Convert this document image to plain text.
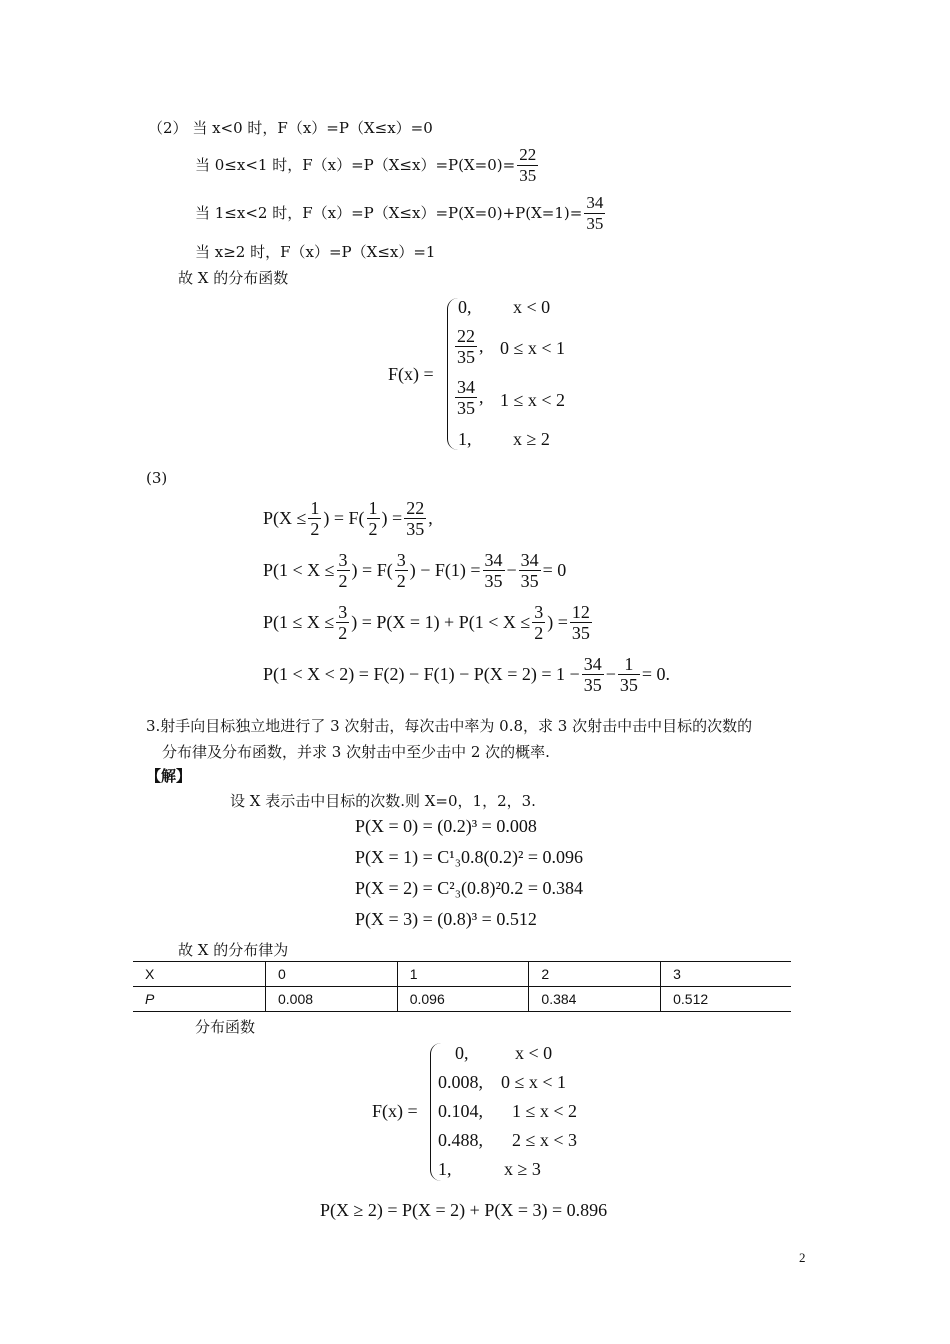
（2） 当 x<0 时，F（x）=P（X≤x）=0
当 0≤x<1 时，$F(x)=P(X\le x)=P(X=0)= \frac{22}{35}$
当 1≤x<2 时，$F(x)=P(X\le x)=P(X=0)+P(X=1)= \frac{34}{35}$
当 x≥2 时，F（x）=P（X≤x）=1
故 X 的分布函数
F(x) =
0, x < 0
$\frac{22}{35}$ , 0 ≤ x < 1
$\frac{34}{35}$ , 1 ≤ x < 2
1, x ≥ 2
(3)
$P(X \le \frac{1}{2}$ ) = $F( \frac{1}{2}$ ) = $\frac{22}{35}$ ,
$P(1 < X \le \frac{3}{2}$ ) = $F( \frac{3}{2}$ ) − $F(1) = \frac{34}{35} - \frac{34}{35} = 0$
$P(1 \le X \le \frac{3}{2}$ ) = $P(X = 1) + P(1 < X \le \frac{3}{2}$ ) = $\frac{12}{35}$
$P(1 < X < 2) = F(2) - F(1) - P(X = 2) = 1 - \frac{34}{35} - \frac{1}{35} = 0$.
3.射手向目标独立地进行了 3 次射击，每次击中率为 0.8，求 3 次射击中击中目标的次数的
分布律及分布函数，并求 3 次射击中至少击中 2 次的概率.
【解】
设 X 表示击中目标的次数.则 X=0，1，2，3.
P(X = 0) = (0.2)³ = 0.008
P(X = 1) = C¹₃0.8(0.2)² = 0.096
P(X = 2) = C²₃(0.8)²0.2 = 0.384
P(X = 3) = (0.8)³ = 0.512
故 X 的分布律为
X	0	1	2	3
P	0.008	0.096	0.384	0.512
分布函数
F(x) =
0,	x < 0
0.008, 0 ≤ x < 1
0.104, 1 ≤ x < 2
0.488, 2 ≤ x < 3
1,	x ≥ 3
P(X ≥ 2) = P(X = 2) + P(X = 3) = 0.896
2
